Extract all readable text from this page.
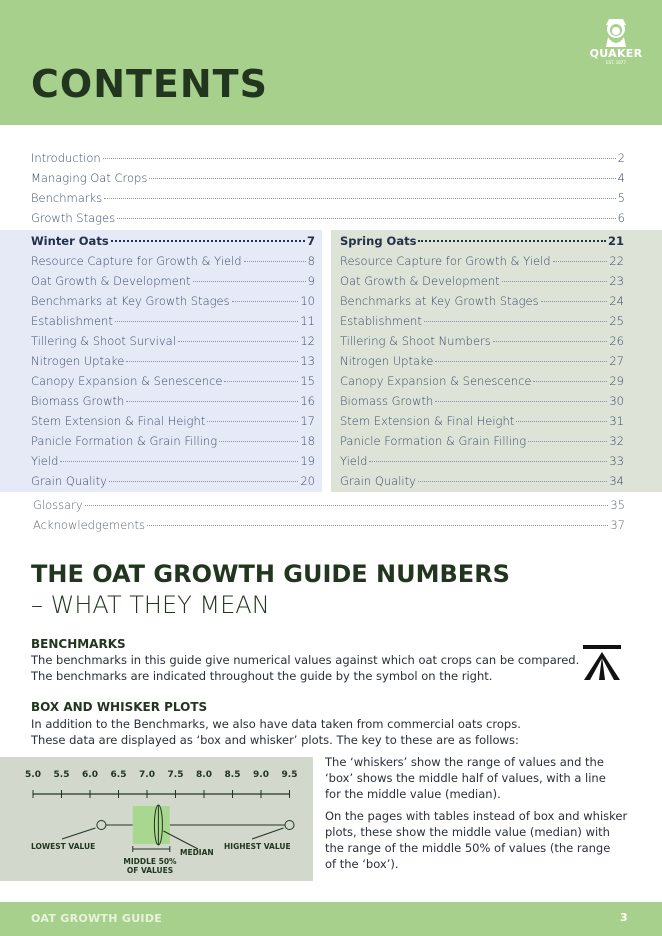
CONTENTS
QUAKER
EST. 1877
Introduction	2
Managing Oat Crops	4
Benchmarks	5
Growth Stages	6
Winter Oats	7
Resource Capture for Growth & Yield	8
Oat Growth & Development	9
Benchmarks at Key Growth Stages	10
Establishment	11
Tillering & Shoot Survival	12
Nitrogen Uptake	13
Canopy Expansion & Senescence	15
Biomass Growth	16
Stem Extension & Final Height	17
Panicle Formation & Grain Filling	18
Yield	19
Grain Quality	20
Spring Oats	21
Resource Capture for Growth & Yield	22
Oat Growth & Development	23
Benchmarks at Key Growth Stages	24
Establishment	25
Tillering & Shoot Numbers	26
Nitrogen Uptake	27
Canopy Expansion & Senescence	29
Biomass Growth	30
Stem Extension & Final Height	31
Panicle Formation & Grain Filling	32
Yield	33
Grain Quality	34
Glossary	35
Acknowledgements	37
THE OAT GROWTH GUIDE NUMBERS
– WHAT THEY MEAN
BENCHMARKS
The benchmarks in this guide give numerical values against which oat crops can be compared.
The benchmarks are indicated throughout the guide by the symbol on the right.
BOX AND WHISKER PLOTS
In addition to the Benchmarks, we also have data taken from commercial oats crops.
These data are displayed as ‘box and whisker’ plots. The key to these are as follows:
5.0 5.5 6.0 6.5 7.0 7.5 8.0 8.5 9.0 9.5
LOWEST VALUE	HIGHEST VALUE
MEDIAN
MIDDLE 50%
OF VALUES
The ‘whiskers’ show the range of values and the
‘box’ shows the middle half of values, with a line
for the middle value (median).
On the pages with tables instead of box and whisker
plots, these show the middle value (median) with
the range of the middle 50% of values (the range
of the ‘box’).
OAT GROWTH GUIDE	3
